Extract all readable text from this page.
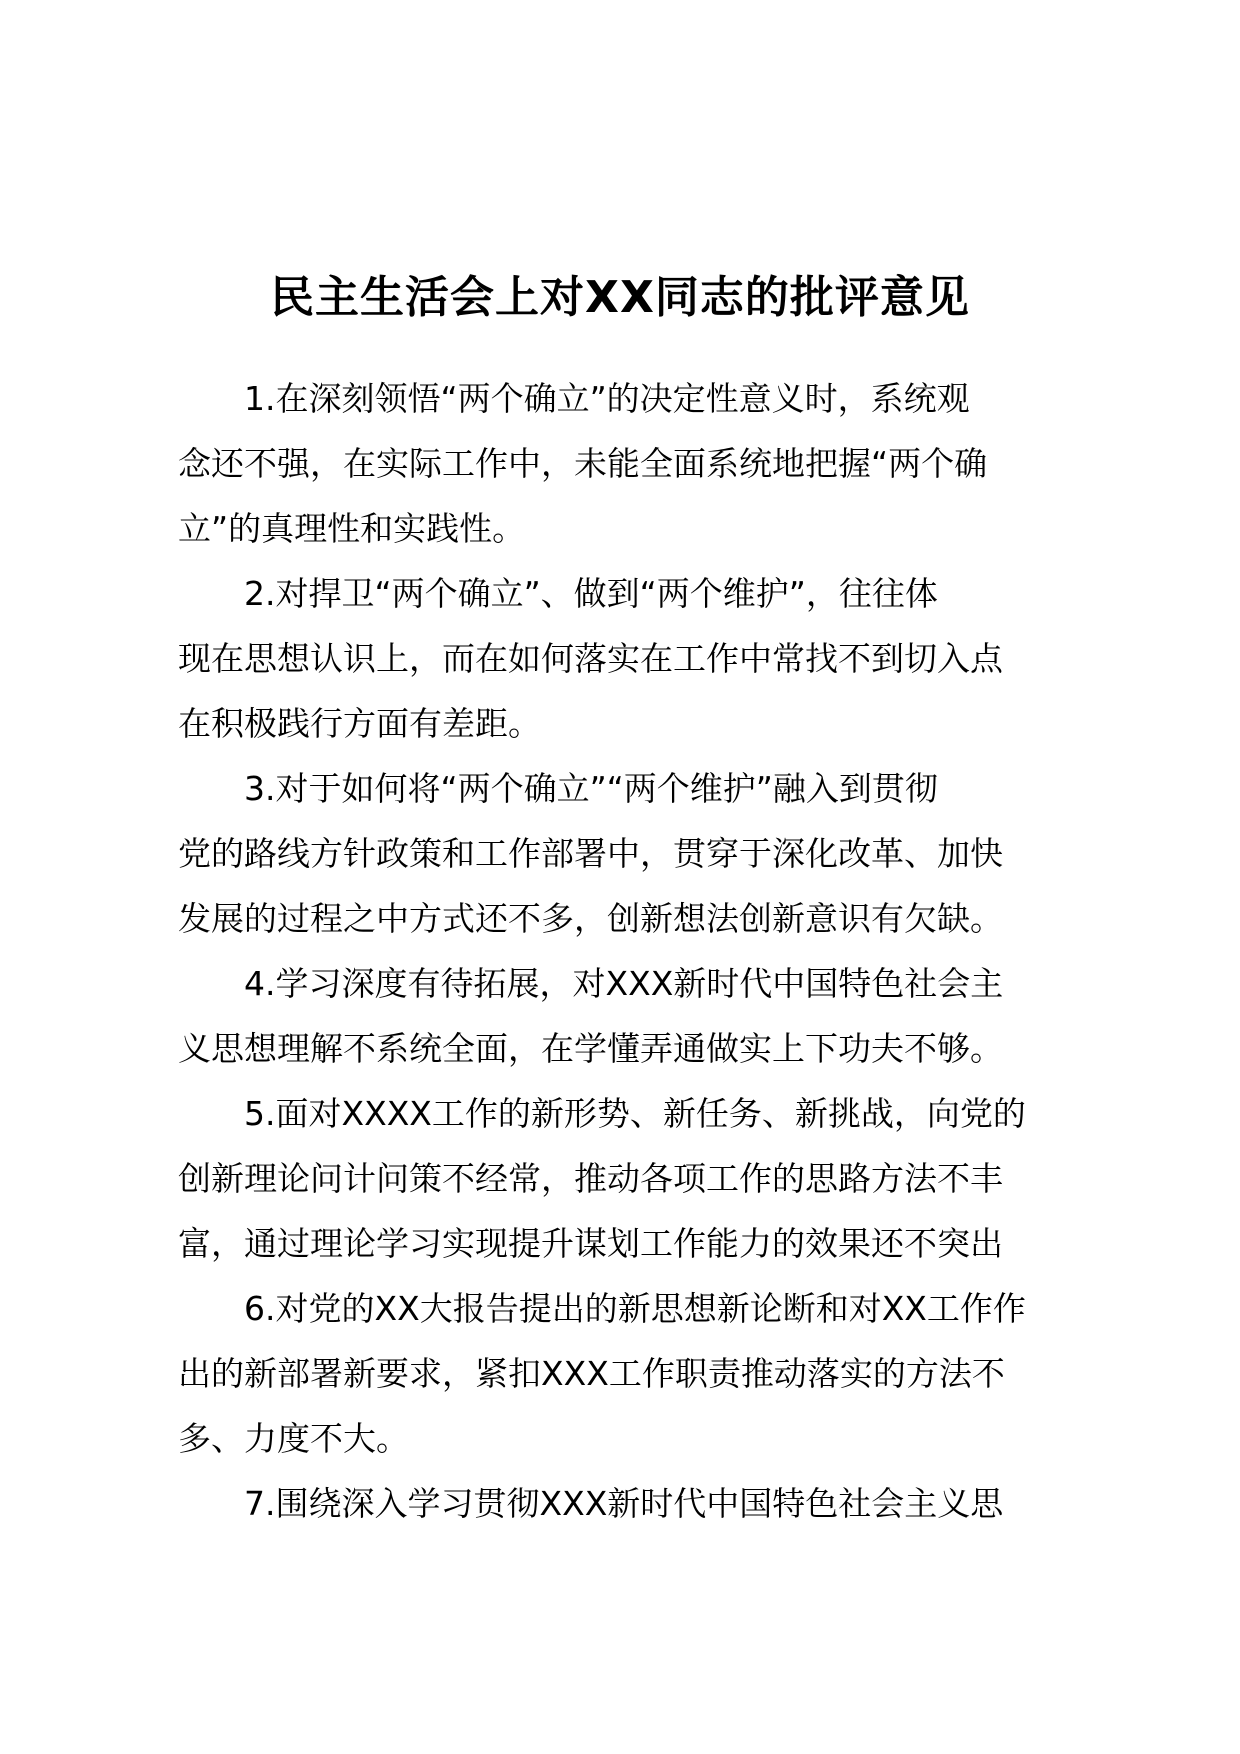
民主生活会上对XX同志的批评意见
1.在深刻领悟“两个确立”的决定性意义时，系统观
念还不强，在实际工作中，未能全面系统地把握“两个确
立”的真理性和实践性。
2.对捍卫“两个确立”、做到“两个维护”，往往体
现在思想认识上，而在如何落实在工作中常找不到切入点
在积极践行方面有差距。
3.对于如何将“两个确立”“两个维护”融入到贯彻
党的路线方针政策和工作部署中，贯穿于深化改革、加快
发展的过程之中方式还不多，创新想法创新意识有欠缺。
4.学习深度有待拓展，对XXX新时代中国特色社会主
义思想理解不系统全面，在学懂弄通做实上下功夫不够。
5.面对XXXX工作的新形势、新任务、新挑战，向党的
创新理论问计问策不经常，推动各项工作的思路方法不丰
富，通过理论学习实现提升谋划工作能力的效果还不突出
6.对党的XX大报告提出的新思想新论断和对XX工作作
出的新部署新要求，紧扣XXX工作职责推动落实的方法不
多、力度不大。
7.围绕深入学习贯彻XXX新时代中国特色社会主义思
